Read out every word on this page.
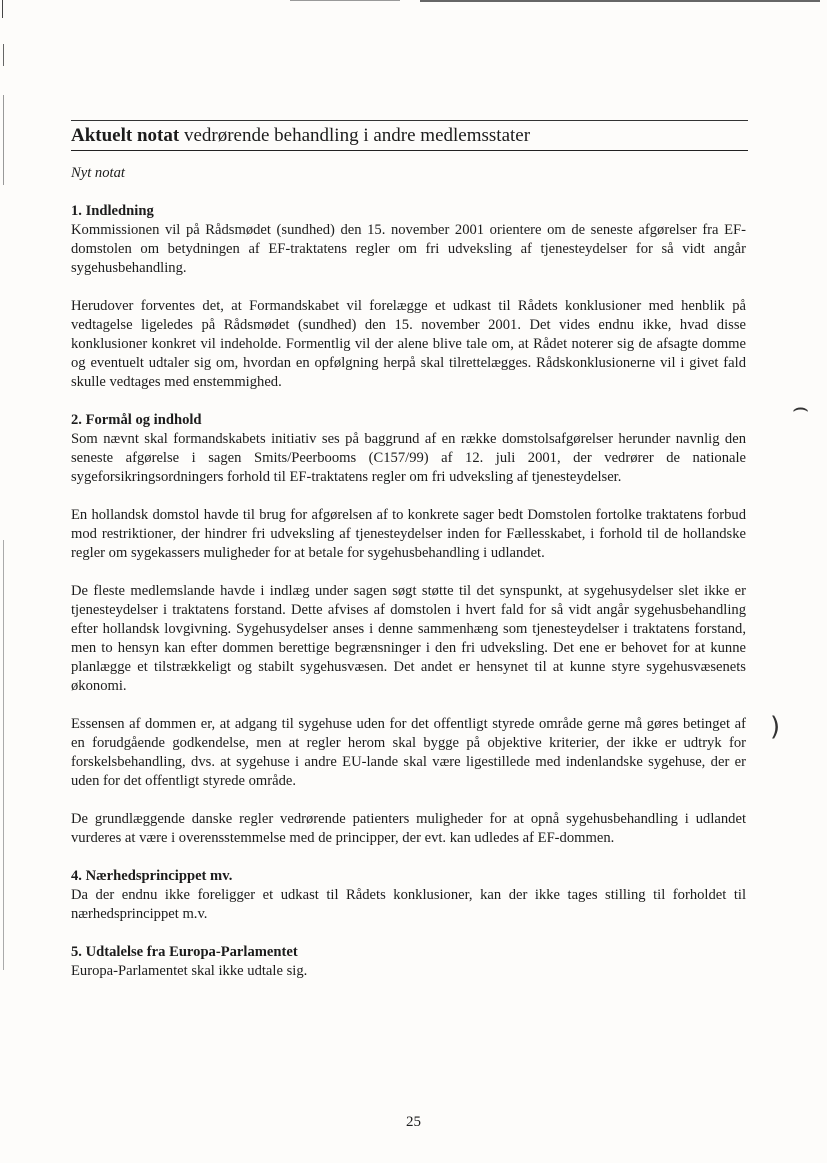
⌢
)

Aktuelt notat vedrørende behandling i andre medlemsstater

Nyt notat

1. Indledning

Kommissionen vil på Rådsmødet (sundhed) den 15. november 2001 orientere om de seneste afgørelser fra EF-domstolen om betydningen af EF-traktatens regler om fri udveksling af tjenesteydelser for så vidt angår sygehusbehandling.

Herudover forventes det, at Formandskabet vil forelægge et udkast til Rådets konklusioner med henblik på vedtagelse ligeledes på Rådsmødet (sundhed) den 15. november 2001. Det vides endnu ikke, hvad disse konklusioner konkret vil indeholde. Formentlig vil der alene blive tale om, at Rådet noterer sig de afsagte domme og eventuelt udtaler sig om, hvordan en opfølgning herpå skal tilrettelægges. Rådskonklusionerne vil i givet fald skulle vedtages med enstemmighed.

2. Formål og indhold

Som nævnt skal formandskabets initiativ ses på baggrund af en række domstolsafgørelser herunder navnlig den seneste afgørelse i sagen Smits/Peerbooms (C157/99) af 12. juli 2001, der vedrører de nationale sygeforsikringsordningers forhold til EF-traktatens regler om fri udveksling af tjenesteydelser.

En hollandsk domstol havde til brug for afgørelsen af to konkrete sager bedt Domstolen fortolke traktatens forbud mod restriktioner, der hindrer fri udveksling af tjenesteydelser inden for Fællesskabet, i forhold til de hollandske regler om sygekassers muligheder for at betale for sygehusbehandling i udlandet.

De fleste medlemslande havde i indlæg under sagen søgt støtte til det synspunkt, at sygehusydelser slet ikke er tjenesteydelser i traktatens forstand. Dette afvises af domstolen i hvert fald for så vidt angår sygehusbehandling efter hollandsk lovgivning. Sygehusydelser anses i denne sammenhæng som tjenesteydelser i traktatens forstand, men to hensyn kan efter dommen berettige begrænsninger i den fri udveksling. Det ene er behovet for at kunne planlægge et tilstrækkeligt og stabilt sygehusvæsen. Det andet er hensynet til at kunne styre sygehusvæsenets økonomi.

Essensen af dommen er, at adgang til sygehuse uden for det offentligt styrede område gerne må gøres betinget af en forudgående godkendelse, men at regler herom skal bygge på objektive kriterier, der ikke er udtryk for forskelsbehandling, dvs. at sygehuse i andre EU-lande skal være ligestillede med indenlandske sygehuse, der er uden for det offentligt styrede område.

De grundlæggende danske regler vedrørende patienters muligheder for at opnå sygehusbehandling i udlandet vurderes at være i overensstemmelse med de principper, der evt. kan udledes af EF-dommen.

4. Nærhedsprincippet mv.

Da der endnu ikke foreligger et udkast til Rådets konklusioner, kan der ikke tages stilling til forholdet til nærhedsprincippet m.v.

5. Udtalelse fra Europa-Parlamentet

Europa-Parlamentet skal ikke udtale sig.

25
